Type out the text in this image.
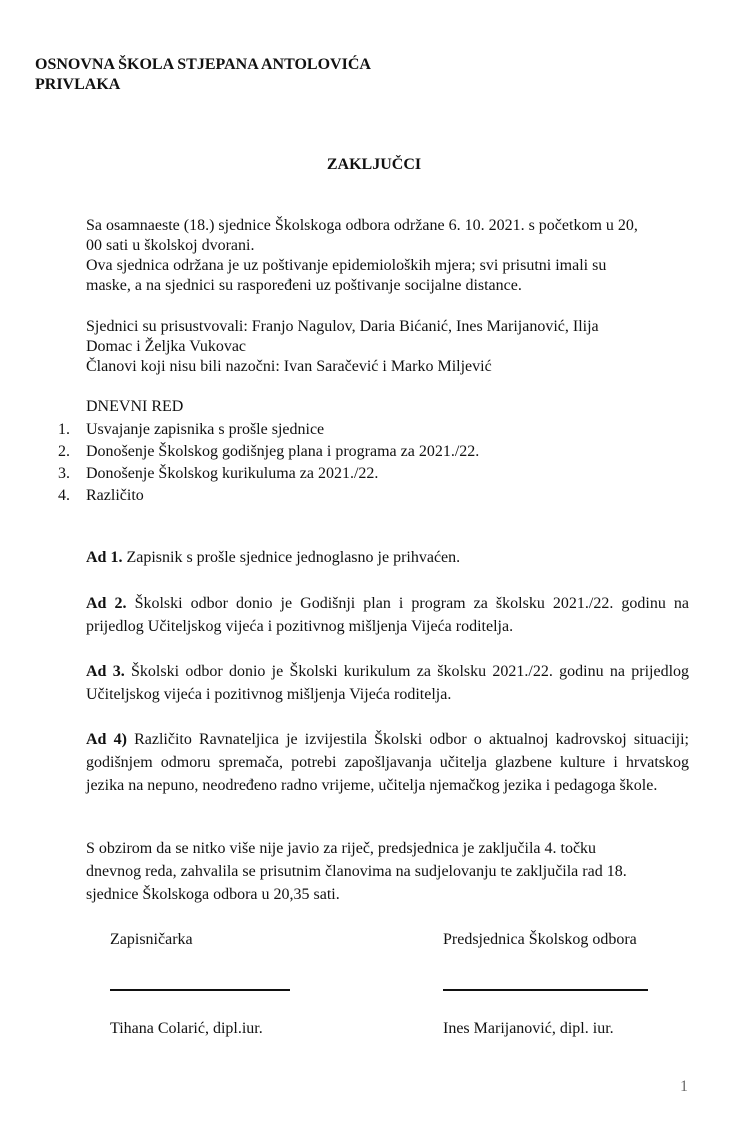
OSNOVNA ŠKOLA STJEPANA ANTOLOVIĆA
PRIVLAKA
ZAKLJUČCI
Sa osamnaeste (18.) sjednice Školskoga odbora održane 6. 10. 2021. s početkom u 20,
00 sati u školskoj dvorani.
Ova sjednica održana je uz poštivanje epidemioloških mjera; svi prisutni imali su
maske, a na sjednici su raspoređeni uz poštivanje socijalne distance.
Sjednici su prisustvovali: Franjo Nagulov, Daria Bićanić, Ines Marijanović, Ilija
Domac i Željka Vukovac
Članovi koji nisu bili nazočni: Ivan Saračević i Marko Miljević
DNEVNI RED
1. Usvajanje zapisnika s prošle sjednice
2. Donošenje Školskog godišnjeg plana i programa za 2021./22.
3. Donošenje Školskog kurikuluma za 2021./22.
4. Različito
Ad 1. Zapisnik s prošle sjednice jednoglasno je prihvaćen.
Ad 2. Školski odbor donio je Godišnji plan i program za školsku 2021./22. godinu na prijedlog Učiteljskog vijeća i pozitivnog mišljenja Vijeća roditelja.
Ad 3. Školski odbor donio je Školski kurikulum za školsku 2021./22. godinu na prijedlog Učiteljskog vijeća i pozitivnog mišljenja Vijeća roditelja.
Ad 4) Različito Ravnateljica je izvijestila Školski odbor o aktualnoj kadrovskoj situaciji; godišnjem odmoru spremača, potrebi zapošljavanja učitelja glazbene kulture i hrvatskog jezika na nepuno, neodređeno radno vrijeme, učitelja njemačkog jezika i pedagoga škole.
S obzirom da se nitko više nije javio za riječ, predsjednica je zaključila 4. točku
dnevnog reda, zahvalila se prisutnim članovima na sudjelovanju te zaključila rad 18.
sjednice Školskoga odbora u 20,35 sati.
Zapisničarka	Predsjednica Školskog odbora
Tihana Colarić, dipl.iur.	Ines Marijanović, dipl. iur.
1
